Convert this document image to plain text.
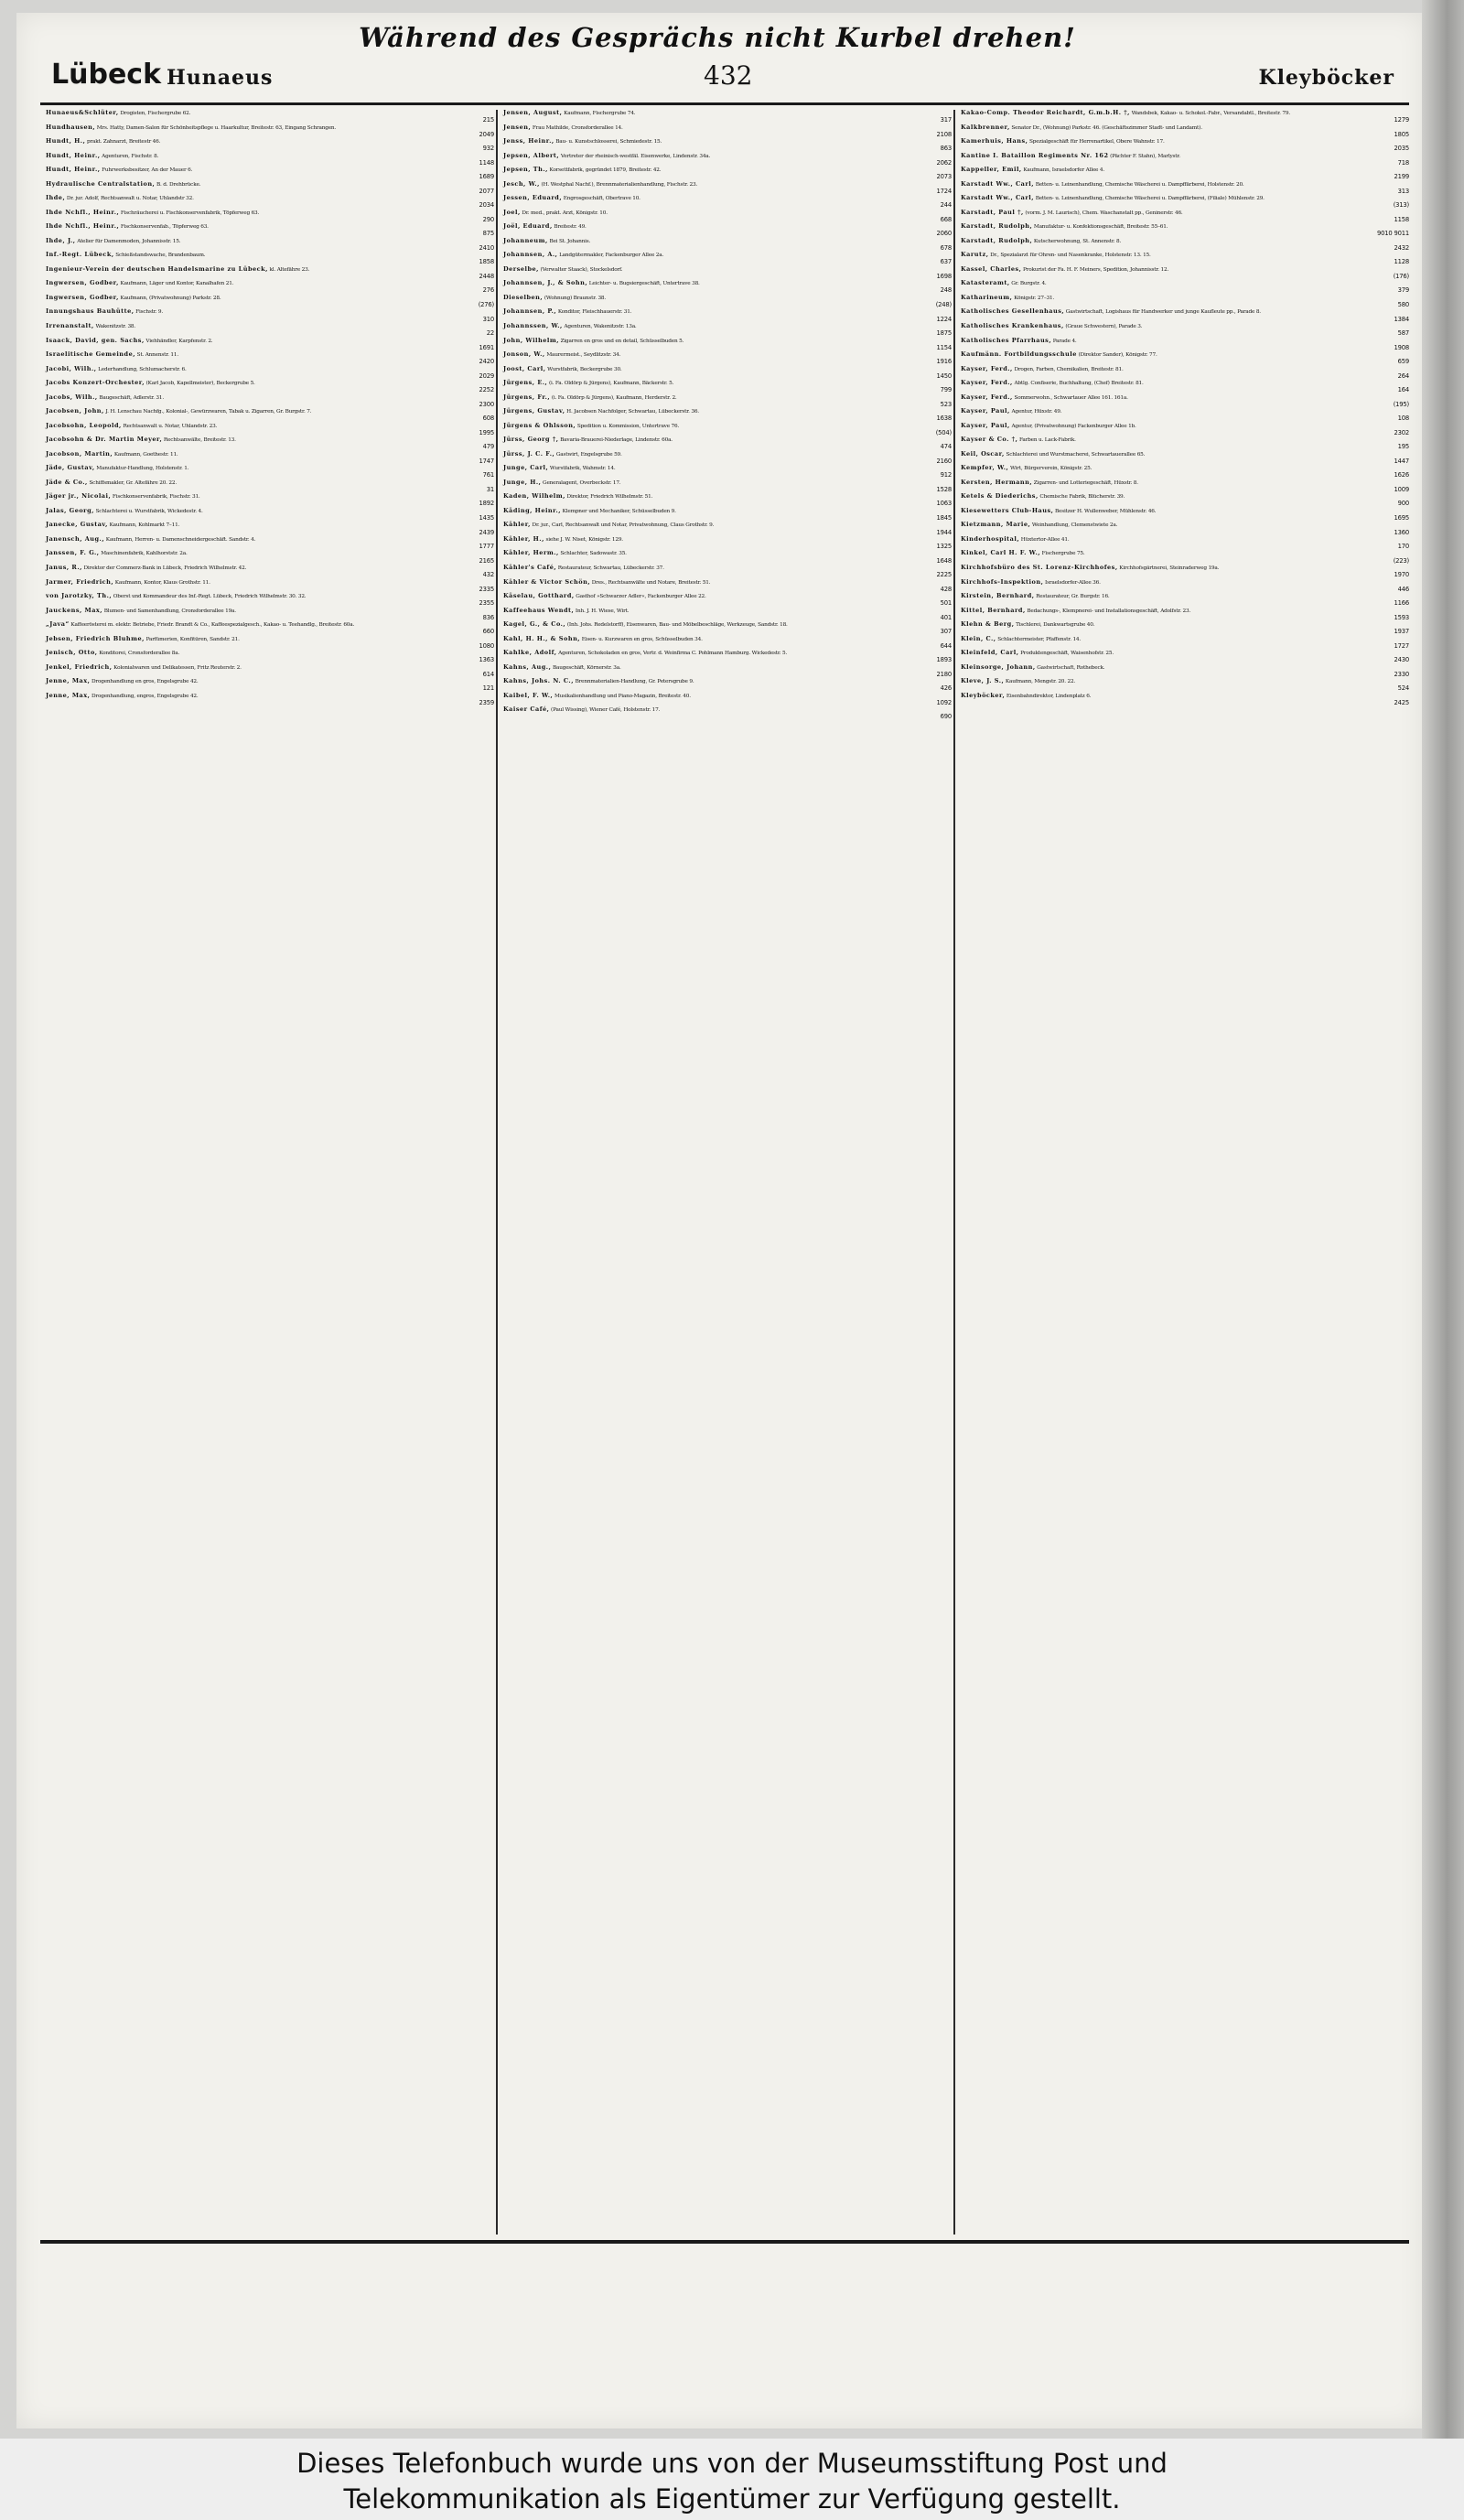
Während des Gesprächs nicht Kurbel drehen!
Lübeck Hunaeus	432	Kleyböcker
Hunaeus&Schlüter, Drogisten, Fischergrube 62.
215
Hundhausen, Mrs. Hatty, Damen-Salon für Schönheitspflege u. Haarkultur, Breitestr. 63, Eingang Schrangen.
2049
Hundt, H., prakt. Zahnarzt, Breitestr 46.
932
Hundt, Heinr., Agenturen, Fischstr. 8.
1148
Hundt, Heinr., Fuhrwerksbesitzer, An der Mauer 6.
1689
Hydraulische Centralstation, B. d. Drehbrücke.
2077
Ihde, Dr. jur. Adolf, Rechtsanwalt u. Notar, Uhlandstr 32.
2034
Ihde Nchfl., Heinr., Fischräucherei u. Fischkonservenfabrik, Töpferweg 63.
290
Ihde Nchfl., Heinr., Fischkonservenfab., Töpferweg 63.
875
Ihde, J., Atelier für Damenmoden, Johannisstr. 15.
2410
Inf.-Regt. Lübeck, Schießstandswache, Brandenbaum.
1858
Ingenieur-Verein der deutschen Handelsmarine zu Lübeck, kl. Altefähre 23.
2448
Ingwersen, Godber, Kaufmann, Läger und Kontor, Kanalhafen 21.
276
Ingwersen, Godber, Kaufmann, (Privatwohnung) Parkstr. 28.
(276)
Innungshaus Bauhütte, Fischstr. 9.
310
Irrenanstalt, Wakenitzstr. 38.
22
Isaack, David, gen. Sachs, Viehhändler, Karpfenstr. 2.
1691
Israelitische Gemeinde, St. Annenstr. 11.
2420
Jacobi, Wilh., Lederhandlung, Schlumacherstr. 6.
2029
Jacobs Konzert-Orchester, (Karl Jacob, Kapellmeister), Beckergrube 5.
2252
Jacobs, Wilh., Baugeschäft, Adlerstr. 31.
2300
Jacobsen, John, J. H. Lenschau Nachfg., Kolonial-, Gewürzwaren, Tabak u. Zigarren, Gr. Burgstr. 7.
608
Jacobsohn, Leopold, Rechtsanwalt u. Notar, Uhlandstr. 23.
1995
Jacobsohn & Dr. Martin Meyer, Rechtsanwälte, Breitestr. 13.
479
Jacobson, Martin, Kaufmann, Goethestr. 11.
1747
Jäde, Gustav, Manufaktur-Handlung, Holstenstr. 1.
761
Jäde & Co., Schiffsmakler, Gr. Altefähre 20. 22.
31
Jäger jr., Nicolai, Fischkonservenfabrik, Fischstr. 31.
1892
Jalas, Georg, Schlachterei u. Wurstfabrik, Wickedestr. 4.
1435
Janecke, Gustav, Kaufmann, Kohlmarkt 7–11.
2439
Janensch, Aug., Kaufmann, Herren- u. Damenschneidergeschäft. Sandstr. 4.
1777
Janssen, F. G., Maschinenfabrik, Kahlhorststr. 2a.
2165
Janus, R., Direktor der Commerz-Bank in Lübeck, Friedrich Wilhelmstr. 42.
432
Jarmer, Friedrich, Kaufmann, Kontor, Klaus Grothstr. 11.
2335
von Jarotzky, Th., Oberst und Kommandeur des Inf.-Regt. Lübeck, Friedrich Wilhelmstr. 30. 32.
2355
Jauckens, Max, Blumen- und Samenhandlung, Cronsforderallee 19a.
836
„Java“ Kaffeerösterei m. elektr. Betriebe, Friedr. Brandt & Co., Kaffeespezialgesch., Kakao- u. Teehandlg., Breitestr. 60a.
660
Jebsen, Friedrich Bluhme, Parfümerien, Konfitüren, Sandstr. 21.
1080
Jenisch, Otto, Konditorei, Cronsforderallee 8a.
1363
Jenkel, Friedrich, Kolonialwaren und Delikatessen, Fritz Reuterstr. 2.
614
Jenne, Max, Drogenhandlung en gros, Engelsgrube 42.
121
Jenne, Max, Drogenhandlung, engros, Engelsgrube 42.
2359
Jensen, August, Kaufmann, Fischergrube 74.
317
Jensen, Frau Mathilde, Cronsforderallee 14.
2108
Jenss, Heinr., Bau- u. Kunstschlosserei, Schmiedestr. 15.
863
Jepsen, Albert, Vertreter der rheinisch-westfäl. Eisenwerke, Lindenstr. 34a.
2062
Jepsen, Th., Korsettfabrik, gegründet 1879, Breitestr. 42.
2073
Jesch, W., (H. Westphal Nachf.), Brennmaterialienhandlung, Fischstr. 23.
1724
Jessen, Eduard, Engrosgeschäft, Obertrave 10.
244
Joel, Dr. med., prakt. Arzt, Königstr. 10.
668
Joël, Eduard, Breitestr. 49.
2060
Johanneum, Bei St. Johannis.
678
Johannsen, A., Landgütermakler, Fackenburger Allee 2a.
637
Derselbe, (Verwalter Staack), Stockelsdorf.
1698
Johannsen, J., & Sohn, Leichter- u. Bugsiergeschäft, Untertrave 38.
248
Dieselben, (Wohnung) Braunstr. 38.
(248)
Johannsen, P., Konditor, Fleischhauerstr. 31.
1224
Johannssen, W., Agenturen, Wakenitzstr. 13a.
1875
John, Wilhelm, Zigarren en gros und en detail, Schüsselbuden 5.
1154
Jonson, W., Maurermeist., Seydlitzstr. 34.
1916
Joost, Carl, Wurstfabrik, Beckergrube 30.
1450
Jürgens, E., (i. Fa. Oldörp & Jürgens), Kaufmann, Bäckerstr. 5.
799
Jürgens, Fr., (i. Fa. Oldörp & Jürgens), Kaufmann, Herderstr. 2.
523
Jürgens, Gustav, H. Jacobsen Nachfolger, Schwartau, Lübeckerstr. 36.
1638
Jürgens & Ohlsson, Spedition u. Kommission, Untertrave 76.
(504)
Jürss, Georg †, Bavaria-Brauerei-Niederlage, Lindenstr. 60a.
474
Jürss, J. C. F., Gastwirt, Engelsgrube 59.
2160
Junge, Carl, Wurstfabrik, Wahmstr. 14.
912
Junge, H., Generalagent, Overbeckstr. 17.
1528
Kaden, Wilhelm, Direktor, Friedrich Wilhelmstr. 51.
1063
Käding, Heinr., Klempner und Mechaniker, Schüsselbuden 9.
1845
Kähler, Dr. jur., Carl, Rechtsanwalt und Notar, Privatwohnung, Claus Grothstr. 9.
1944
Kähler, H., siehe J. W. Niset, Königstr. 129.
1325
Kähler, Herm., Schlachter, Sadowastr. 35.
1648
Kähler's Café, Restaurateur, Schwartau, Lübeckerstr. 37.
2225
Kähler & Victor Schön, Dres., Rechtsanwälte und Notare, Breitestr. 51.
428
Käselau, Gotthard, Gasthof »Schwarzer Adler«, Fackenburger Allee 22.
501
Kaffeehaus Wendt, Inh. J. H. Wiese, Wirt.
401
Kagel, G., & Co., (Inh. Johs. Redelstorff), Eisenwaren, Bau- und Möbelbeschläge, Werkzeuge, Sandstr. 18.
307
Kahl, H. H., & Sohn, Eisen- u. Kurzwaren en gros, Schüsselbuden 34.
644
Kahlke, Adolf, Agenturen, Schokoladen en gros, Vertr. d. Weinfirma C. Pohlmann Hamburg. Wickedestr. 5.
1893
Kahns, Aug., Baugeschäft, Körnerstr. 3a.
2180
Kahns, Johs. N. C., Brennmaterialien-Handlung, Gr. Petersgrube 9.
426
Kaibel, F. W., Musikalienhandlung und Piano-Magazin, Breitestr. 40.
1092
Kaiser Café, (Paul Wissing), Wiener Café, Holstenstr. 17.
690
Kakao-Comp. Theodor Reichardt, G.m.b.H. †, Wandsbek, Kakao- u. Schokol.-Fabr., Versandabtl., Breitestr. 79.
1279
Kalkbrenner, Senator Dr., (Wohnung) Parkstr. 46. (Geschäftszimmer Stadt- und Landamt).
1805
Kamerhuis, Hans, Spezialgeschäft für Herrenartikel, Obere Wahnstr. 17.
2035
Kantine I. Bataillon Regiments Nr. 162 (Pächter F. Stahn), Marlystr.
718
Kappeller, Emil, Kaufmann, Israelsdorfer Allee 4.
2199
Karstadt Ww., Carl, Betten- u. Leinenhandlung, Chemische Wäscherei u. Dampffärberei, Holstenstr. 20.
313
Karstadt Ww., Carl, Betten- u. Leinenhandlung, Chemische Wäscherei u. Dampffärberei, (Filiale) Mühlenstr. 29.
(313)
Karstadt, Paul †, (vorm. J. M. Laurisch), Chem. Waschanstalt pp., Geninerstr. 46.
1158
Karstadt, Rudolph, Manufaktur- u. Konfektionsgeschäft, Breitestr. 55–61.
9010 9011
Karstadt, Rudolph, Kutscherwohnung, St. Annenstr. 8.
2432
Karutz, Dr., Spezialarzt für Ohren- und Nasenkranke, Holstenstr. 13. 15.
1128
Kassel, Charles, Prokurist der Fa. H. F. Meiners, Spedition, Johannisstr. 12.
(176)
Katasteramt, Gr. Burgstr. 4.
379
Katharineum, Königstr. 27–31.
580
Katholisches Gesellenhaus, Gastwirtschaft, Logishaus für Handwerker und junge Kaufleute pp., Parade 8.
1384
Katholisches Krankenhaus, (Graue Schwestern), Parade 3.
587
Katholisches Pfarrhaus, Parade 4.
1908
Kaufmänn. Fortbildungsschule (Direktor Sander), Königstr. 77.
659
Kayser, Ferd., Drogen, Farben, Chemikalien, Breitestr. 81.
264
Kayser, Ferd., Abtlg. Confiserie, Buchhaltung, (Chef) Breitestr. 81.
164
Kayser, Ferd., Sommerwohn., Schwartauer Allee 161. 161a.
(195)
Kayser, Paul, Agentur, Hüxstr. 49.
108
Kayser, Paul, Agentur, (Privatwohnung) Fackenburger Allee 1b.
2302
Kayser & Co. †, Farben u. Lack-Fabrik.
195
Keil, Oscar, Schlachterei und Wurstmacherei, Schwartauerallee 65.
1447
Kempfer, W., Wirt, Bürgerverein, Königstr. 25.
1626
Kersten, Hermann, Zigarren- und Lotteriegeschäft, Hüxstr. 8.
1009
Ketels & Diederichs, Chemische Fabrik, Blücherstr. 39.
900
Kiesewetters Club-Haus, Besitzer H. Wullenweber, Mühlenstr. 46.
1695
Kietzmann, Marie, Weinhandlung, Clemenstwiete 2a.
1360
Kinderhospital, Hüxtertor-Allee 41.
170
Kinkel, Carl H. F. W., Fischergrube 75.
(223)
Kirchhofsbüro des St. Lorenz-Kirchhofes, Kirchhofsgärtnerei, Steinraderweg 19a.
1970
Kirchhofs-Inspektion, Israelsdorfer-Allee 36.
446
Kirstein, Bernhard, Restaurateur, Gr. Burgstr. 16.
1166
Kittel, Bernhard, Bedachungs-, Klempnerei- und Installationsgeschäft, Adolfstr. 23.
1593
Klehn & Berg, Tischlerei, Dankwartsgrube 40.
1937
Klein, C., Schlachtermeister, Pfaffenstr. 14.
1727
Kleinfeld, Carl, Produktengeschäft, Waisenhofstr. 25.
2430
Kleinsorge, Johann, Gastwirtschaft, Rothebeck.
2330
Kleve, J. S., Kaufmann, Mengstr. 20. 22.
524
Kleyböcker, Eisenbahndirektor, Lindenplatz 6.
2425
Dieses Telefonbuch wurde uns von der Museumsstiftung Post und
Telekommunikation als Eigentümer zur Verfügung gestellt.
